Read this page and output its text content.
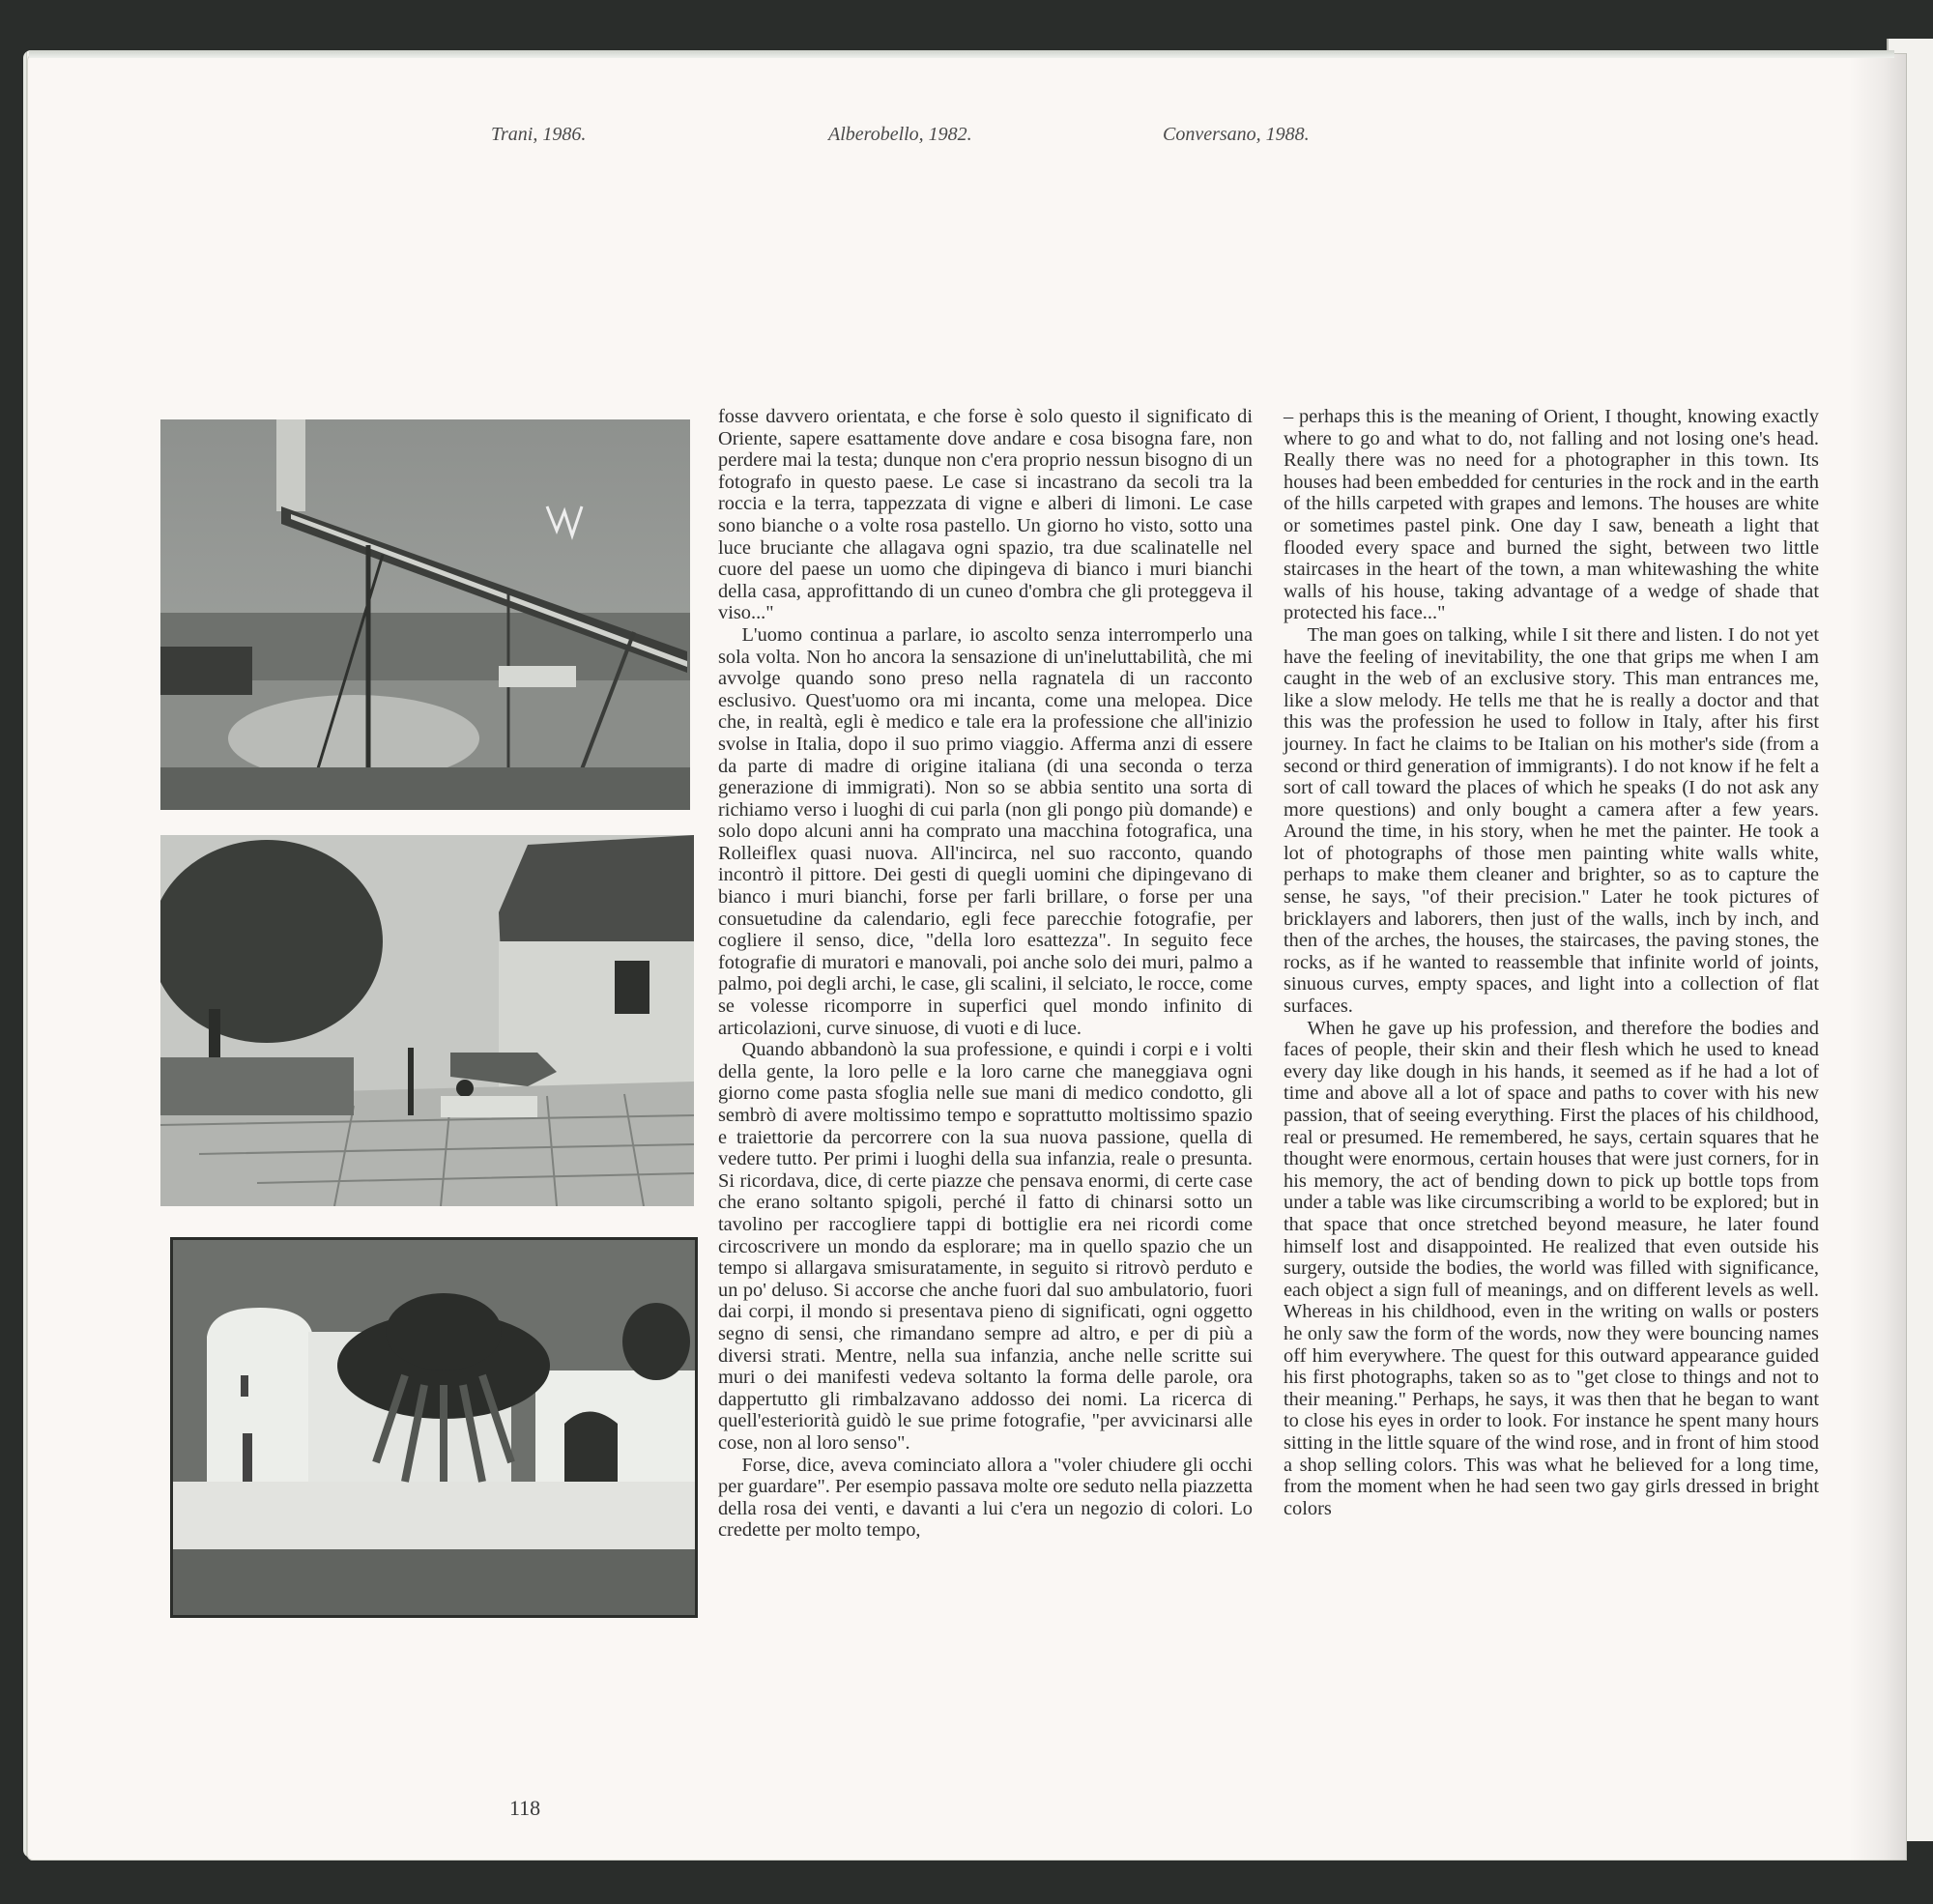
Trani, 1986.	Alberobello, 1982.	Conversano, 1988.

fosse davvero orientata, e che forse è solo questo il significato di Oriente, sapere esattamente dove andare e cosa bisogna fare, non perdere mai la testa; dunque non c'era proprio nessun bisogno di un fotografo in questo paese. Le case si incastrano da secoli tra la roccia e la terra, tappezzata di vigne e alberi di limoni. Le case sono bianche o a volte rosa pastello. Un giorno ho visto, sotto una luce bruciante che allagava ogni spazio, tra due scalinatelle nel cuore del paese un uomo che dipingeva di bianco i muri bianchi della casa, approfittando di un cuneo d'ombra che gli proteggeva il viso..."

L'uomo continua a parlare, io ascolto senza interromperlo una sola volta. Non ho ancora la sensazione di un'ineluttabilità, che mi avvolge quando sono preso nella ragnatela di un racconto esclusivo. Quest'uomo ora mi incanta, come una melopea. Dice che, in realtà, egli è medico e tale era la professione che all'inizio svolse in Italia, dopo il suo primo viaggio. Afferma anzi di essere da parte di madre di origine italiana (di una seconda o terza generazione di immigrati). Non so se abbia sentito una sorta di richiamo verso i luoghi di cui parla (non gli pongo più domande) e solo dopo alcuni anni ha comprato una macchina fotografica, una Rolleiflex quasi nuova. All'incirca, nel suo racconto, quando incontrò il pittore. Dei gesti di quegli uomini che dipingevano di bianco i muri bianchi, forse per farli brillare, o forse per una consuetudine da calendario, egli fece parecchie fotografie, per cogliere il senso, dice, "della loro esattezza". In seguito fece fotografie di muratori e manovali, poi anche solo dei muri, palmo a palmo, poi degli archi, le case, gli scalini, il selciato, le rocce, come se volesse ricomporre in superfici quel mondo infinito di articolazioni, curve sinuose, di vuoti e di luce.

Quando abbandonò la sua professione, e quindi i corpi e i volti della gente, la loro pelle e la loro carne che maneggiava ogni giorno come pasta sfoglia nelle sue mani di medico condotto, gli sembrò di avere moltissimo tempo e soprattutto moltissimo spazio e traiettorie da percorrere con la sua nuova passione, quella di vedere tutto. Per primi i luoghi della sua infanzia, reale o presunta. Si ricordava, dice, di certe piazze che pensava enormi, di certe case che erano soltanto spigoli, perché il fatto di chinarsi sotto un tavolino per raccogliere tappi di bottiglie era nei ricordi come circoscrivere un mondo da esplorare; ma in quello spazio che un tempo si allargava smisuratamente, in seguito si ritrovò perduto e un po' deluso. Si accorse che anche fuori dal suo ambulatorio, fuori dai corpi, il mondo si presentava pieno di significati, ogni oggetto segno di sensi, che rimandano sempre ad altro, e per di più a diversi strati. Mentre, nella sua infanzia, anche nelle scritte sui muri o dei manifesti vedeva soltanto la forma delle parole, ora dappertutto gli rimbalzavano addosso dei nomi. La ricerca di quell'esteriorità guidò le sue prime fotografie, "per avvicinarsi alle cose, non al loro senso".

Forse, dice, aveva cominciato allora a "voler chiudere gli occhi per guardare". Per esempio passava molte ore seduto nella piazzetta della rosa dei venti, e davanti a lui c'era un negozio di colori. Lo credette per molto tempo,

– perhaps this is the meaning of Orient, I thought, knowing exactly where to go and what to do, not falling and not losing one's head. Really there was no need for a photographer in this town. Its houses had been embedded for centuries in the rock and in the earth of the hills carpeted with grapes and lemons. The houses are white or sometimes pastel pink. One day I saw, beneath a light that flooded every space and burned the sight, between two little staircases in the heart of the town, a man whitewashing the white walls of his house, taking advantage of a wedge of shade that protected his face..."

The man goes on talking, while I sit there and listen. I do not yet have the feeling of inevitability, the one that grips me when I am caught in the web of an exclusive story. This man entrances me, like a slow melody. He tells me that he is really a doctor and that this was the profession he used to follow in Italy, after his first journey. In fact he claims to be Italian on his mother's side (from a second or third generation of immigrants). I do not know if he felt a sort of call toward the places of which he speaks (I do not ask any more questions) and only bought a camera after a few years. Around the time, in his story, when he met the painter. He took a lot of photographs of those men painting white walls white, perhaps to make them cleaner and brighter, so as to capture the sense, he says, "of their precision." Later he took pictures of bricklayers and laborers, then just of the walls, inch by inch, and then of the arches, the houses, the staircases, the paving stones, the rocks, as if he wanted to reassemble that infinite world of joints, sinuous curves, empty spaces, and light into a collection of flat surfaces.

When he gave up his profession, and therefore the bodies and faces of people, their skin and their flesh which he used to knead every day like dough in his hands, it seemed as if he had a lot of time and above all a lot of space and paths to cover with his new passion, that of seeing everything. First the places of his childhood, real or presumed. He remembered, he says, certain squares that he thought were enormous, certain houses that were just corners, for in his memory, the act of bending down to pick up bottle tops from under a table was like circumscribing a world to be explored; but in that space that once stretched beyond measure, he later found himself lost and disappointed. He realized that even outside his surgery, outside the bodies, the world was filled with significance, each object a sign full of meanings, and on different levels as well. Whereas in his childhood, even in the writing on walls or posters he only saw the form of the words, now they were bouncing names off him everywhere. The quest for this outward appearance guided his first photographs, taken so as to "get close to things and not to their meaning." Perhaps, he says, it was then that he began to want to close his eyes in order to look. For instance he spent many hours sitting in the little square of the wind rose, and in front of him stood a shop selling colors. This was what he believed for a long time, from the moment when he had seen two gay girls dressed in bright colors

118
